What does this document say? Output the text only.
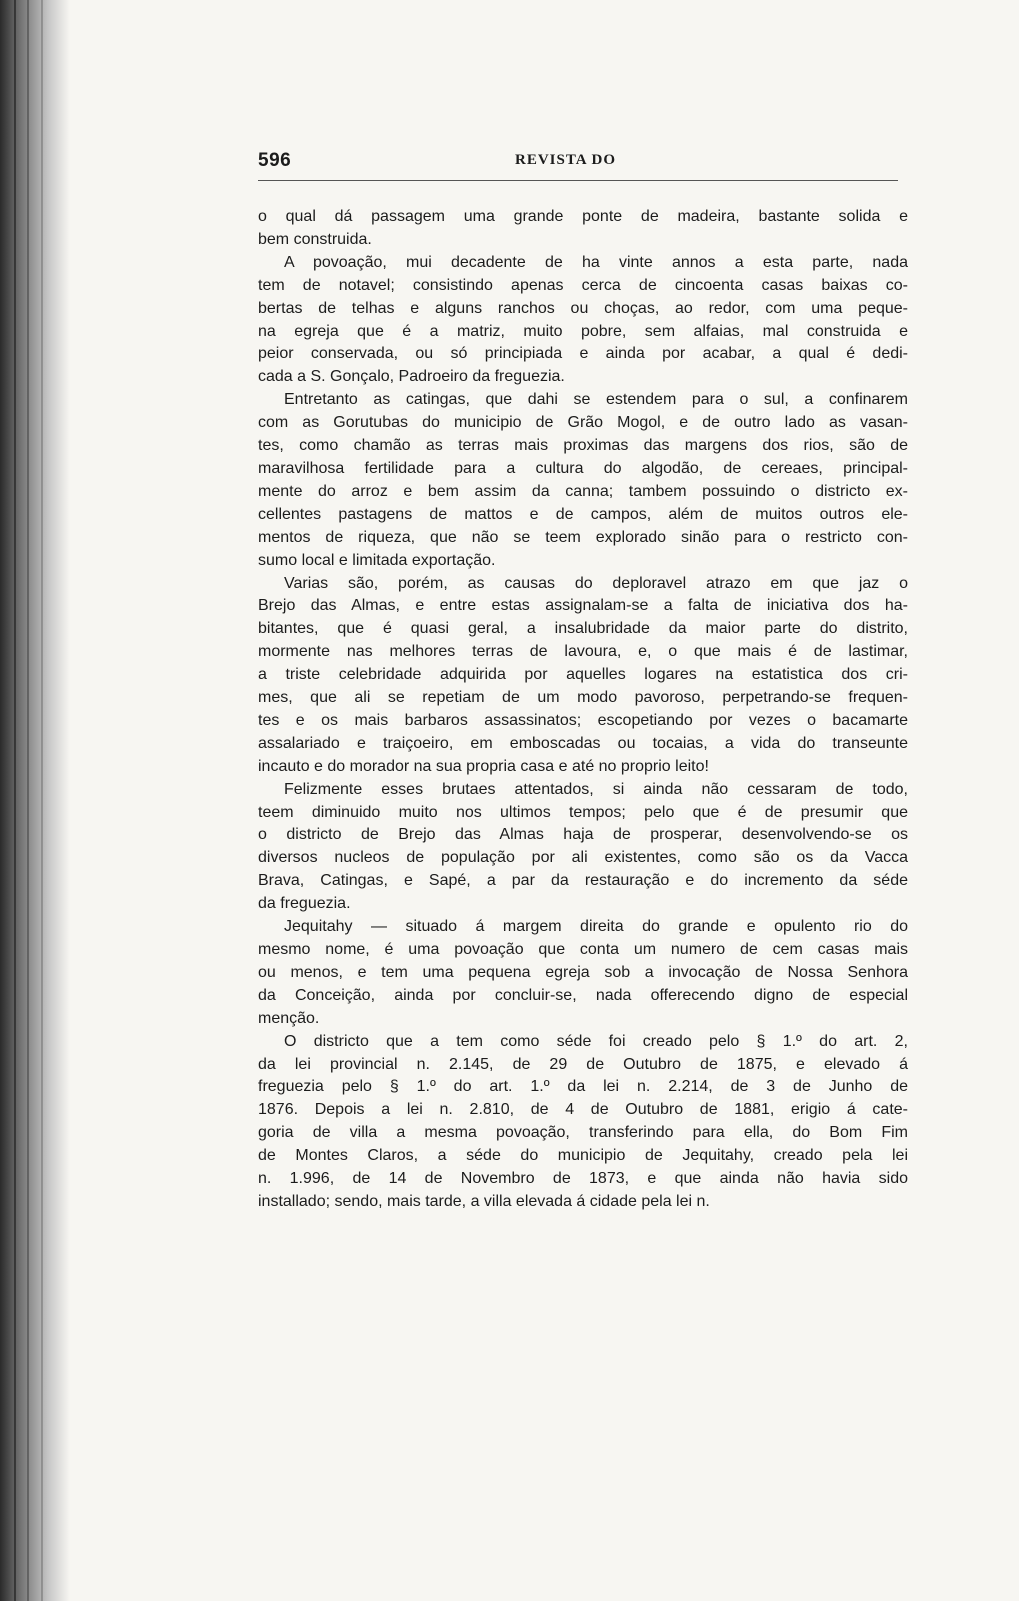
596	REVISTA DO
o qual dá passagem uma grande ponte de madeira, bastante solida e
bem construida.
A povoação, mui decadente de ha vinte annos a esta parte, nada
tem de notavel; consistindo apenas cerca de cincoenta casas baixas co-
bertas de telhas e alguns ranchos ou choças, ao redor, com uma peque-
na egreja que é a matriz, muito pobre, sem alfaias, mal construida e
peior conservada, ou só principiada e ainda por acabar, a qual é dedi-
cada a S. Gonçalo, Padroeiro da freguezia.
Entretanto as catingas, que dahi se estendem para o sul, a confinarem
com as Gorutubas do municipio de Grão Mogol, e de outro lado as vasan-
tes, como chamão as terras mais proximas das margens dos rios, são de
maravilhosa fertilidade para a cultura do algodão, de cereaes, principal-
mente do arroz e bem assim da canna; tambem possuindo o districto ex-
cellentes pastagens de mattos e de campos, além de muitos outros ele-
mentos de riqueza, que não se teem explorado sinão para o restricto con-
sumo local e limitada exportação.
Varias são, porém, as causas do deploravel atrazo em que jaz o
Brejo das Almas, e entre estas assignalam-se a falta de iniciativa dos ha-
bitantes, que é quasi geral, a insalubridade da maior parte do distrito,
mormente nas melhores terras de lavoura, e, o que mais é de lastimar,
a triste celebridade adquirida por aquelles logares na estatistica dos cri-
mes, que ali se repetiam de um modo pavoroso, perpetrando-se frequen-
tes e os mais barbaros assassinatos; escopetiando por vezes o bacamarte
assalariado e traiçoeiro, em emboscadas ou tocaias, a vida do transeunte
incauto e do morador na sua propria casa e até no proprio leito!
Felizmente esses brutaes attentados, si ainda não cessaram de todo,
teem diminuido muito nos ultimos tempos; pelo que é de presumir que
o districto de Brejo das Almas haja de prosperar, desenvolvendo-se os
diversos nucleos de população por ali existentes, como são os da Vacca
Brava, Catingas, e Sapé, a par da restauração e do incremento da séde
da freguezia.
Jequitahy — situado á margem direita do grande e opulento rio do
mesmo nome, é uma povoação que conta um numero de cem casas mais
ou menos, e tem uma pequena egreja sob a invocação de Nossa Senhora
da Conceição, ainda por concluir-se, nada offerecendo digno de especial
menção.
O districto que a tem como séde foi creado pelo § 1.º do art. 2,
da lei provincial n. 2.145, de 29 de Outubro de 1875, e elevado á
freguezia pelo § 1.º do art. 1.º da lei n. 2.214, de 3 de Junho de
1876. Depois a lei n. 2.810, de 4 de Outubro de 1881, erigio á cate-
goria de villa a mesma povoação, transferindo para ella, do Bom Fim
de Montes Claros, a séde do municipio de Jequitahy, creado pela lei
n. 1.996, de 14 de Novembro de 1873, e que ainda não havia sido
installado; sendo, mais tarde, a villa elevada á cidade pela lei n.
